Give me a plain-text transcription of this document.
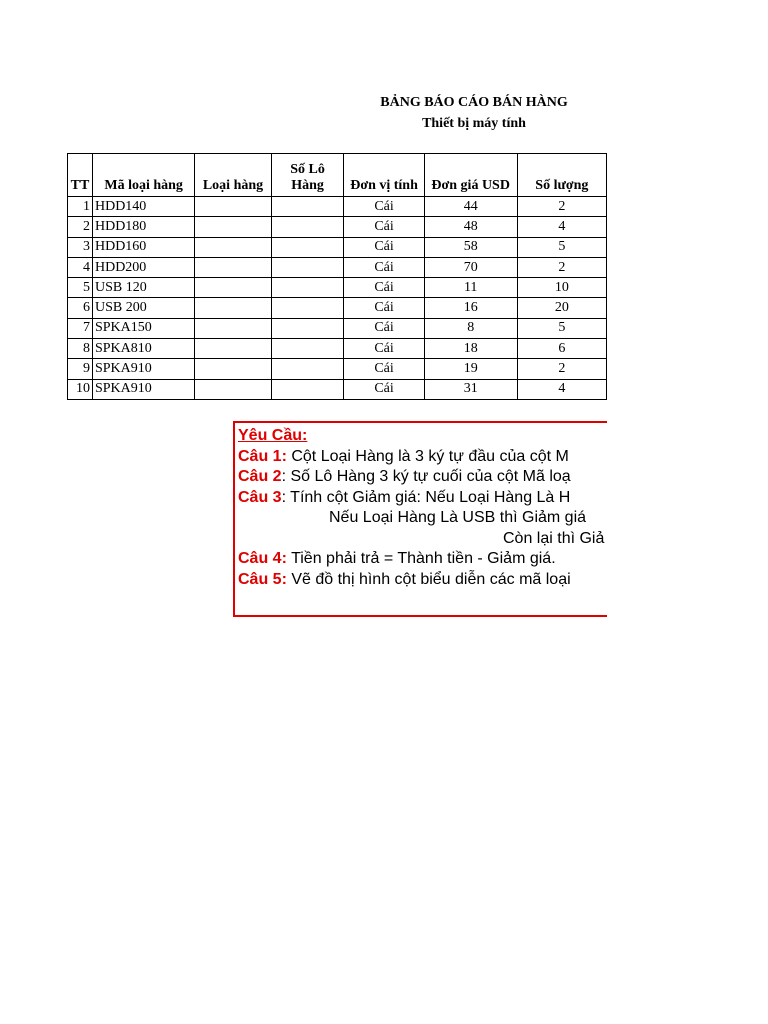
BẢNG BÁO CÁO BÁN HÀNG
Thiết bị máy tính
TT	Mã loại hàng	Loại hàng	Số Lô Hàng	Đơn vị tính	Đơn giá USD	Số lượng
1	HDD140			Cái	44	2
2	HDD180			Cái	48	4
3	HDD160			Cái	58	5
4	HDD200			Cái	70	2
5	USB 120			Cái	11	10
6	USB 200			Cái	16	20
7	SPKA150			Cái	8	5
8	SPKA810			Cái	18	6
9	SPKA910			Cái	19	2
10	SPKA910			Cái	31	4
Yêu Cầu:
Câu 1: Cột Loại Hàng là 3 ký tự đầu của cột M
Câu 2: Số Lô Hàng 3 ký tự cuối của cột Mã loạ
Câu 3: Tính cột Giảm giá: Nếu Loại Hàng Là H
Nếu Loại Hàng Là USB thì Giảm giá
Còn lại thì Giả
Câu 4: Tiền phải trả = Thành tiền - Giảm giá.
Câu 5: Vẽ đồ thị hình cột biểu diễn các mã loại
